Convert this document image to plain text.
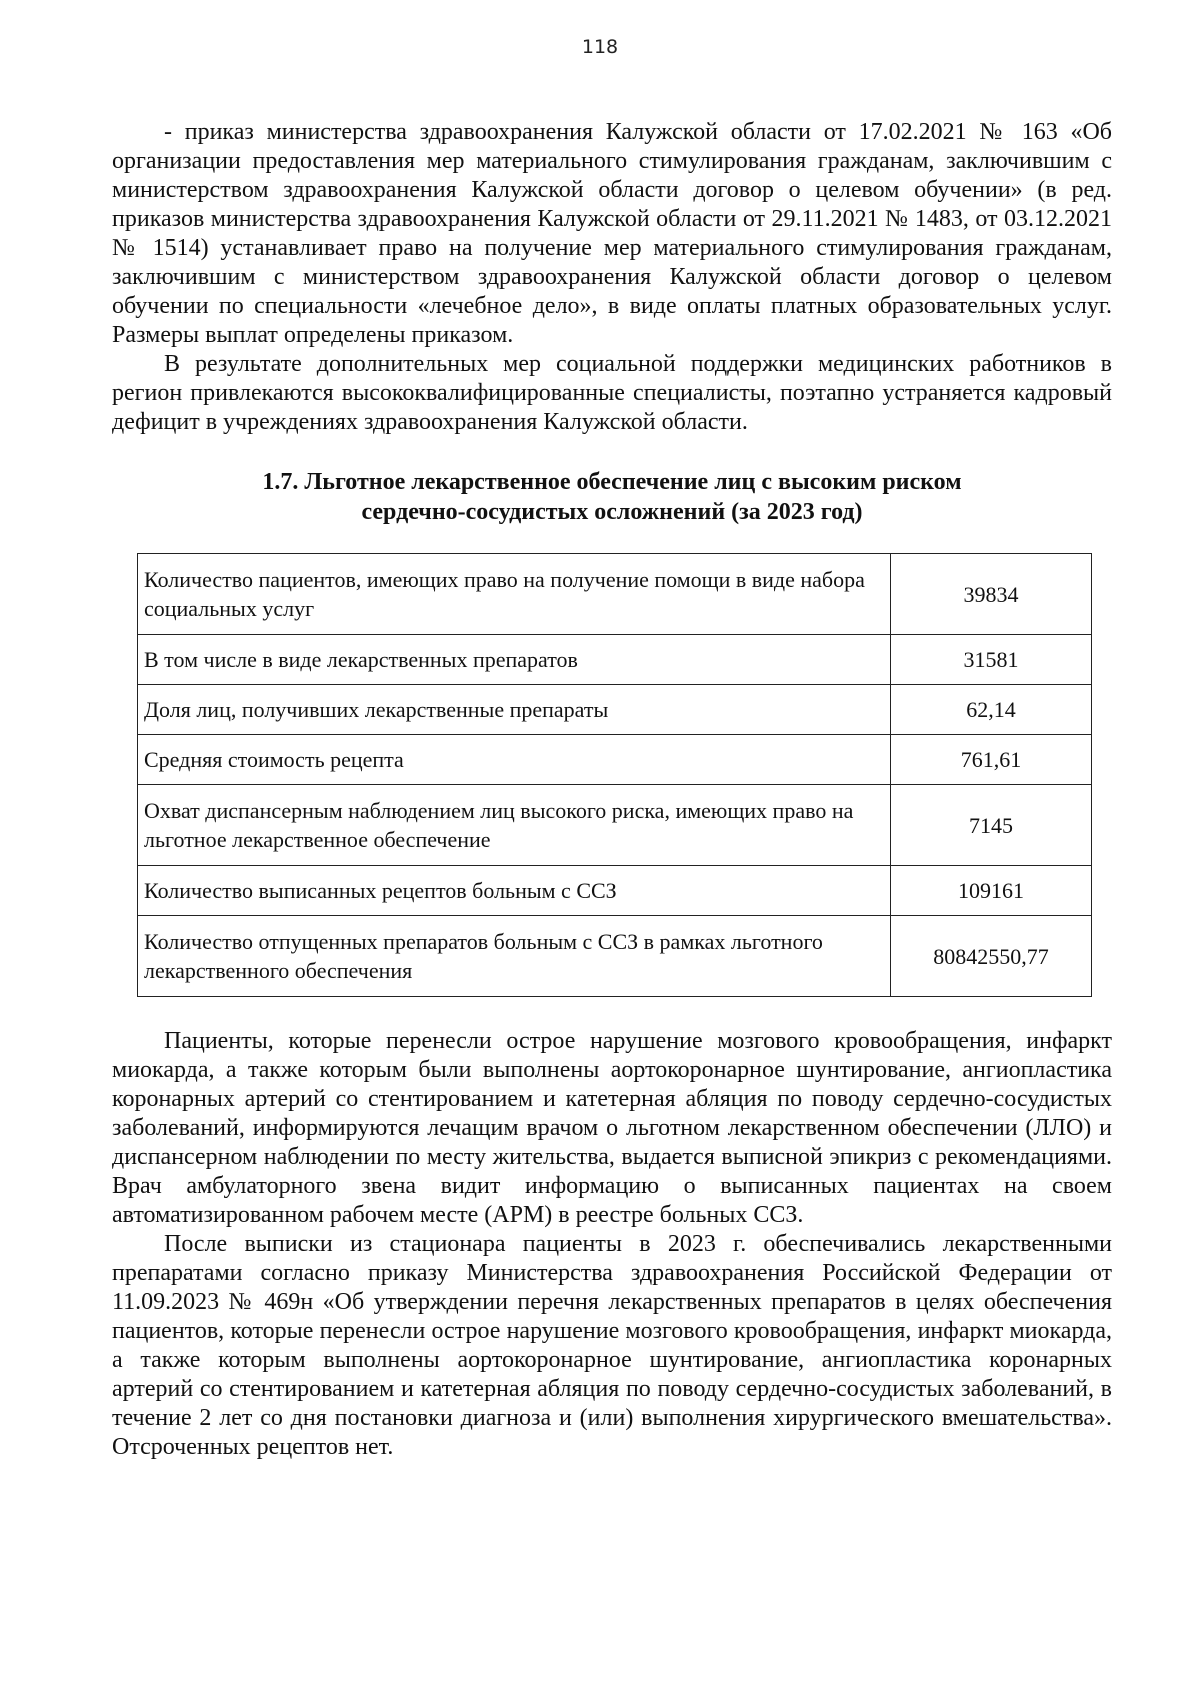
118

- приказ министерства здравоохранения Калужской области от 17.02.2021 № 163 «Об организации предоставления мер материального стимулирования гражданам, заключившим с министерством здравоохранения Калужской области договор о целевом обучении» (в ред. приказов министерства здравоохранения Калужской области от 29.11.2021 № 1483, от 03.12.2021 № 1514) устанавливает право на получение мер материального стимулирования гражданам, заключившим с министерством здравоохранения Калужской области договор о целевом обучении по специальности «лечебное дело», в виде оплаты платных образовательных услуг. Размеры выплат определены приказом.

В результате дополнительных мер социальной поддержки медицинских работников в регион привлекаются высококвалифицированные специалисты, поэтапно устраняется кадровый дефицит в учреждениях здравоохранения Калужской области.

1.7. Льготное лекарственное обеспечение лиц с высоким риском
сердечно-сосудистых осложнений (за 2023 год)
Количество пациентов, имеющих право на получение помощи в виде набора социальных услуг	39834
В том числе в виде лекарственных препаратов	31581
Доля лиц, получивших лекарственные препараты	62,14
Средняя стоимость рецепта	761,61
Охват диспансерным наблюдением лиц высокого риска, имеющих право на льготное лекарственное обеспечение	7145
Количество выписанных рецептов больным с ССЗ	109161
Количество отпущенных препаратов больным с ССЗ в рамках льготного лекарственного обеспечения	80842550,77

Пациенты, которые перенесли острое нарушение мозгового кровообращения, инфаркт миокарда, а также которым были выполнены аортокоронарное шунтирование, ангиопластика коронарных артерий со стентированием и катетерная абляция по поводу сердечно-сосудистых заболеваний, информируются лечащим врачом о льготном лекарственном обеспечении (ЛЛО) и диспансерном наблюдении по месту жительства, выдается выписной эпикриз с рекомендациями. Врач амбулаторного звена видит информацию о выписанных пациентах на своем автоматизированном рабочем месте (АРМ) в реестре больных ССЗ.

После выписки из стационара пациенты в 2023 г. обеспечивались лекарственными препаратами согласно приказу Министерства здравоохранения Российской Федерации от 11.09.2023 № 469н «Об утверждении перечня лекарственных препаратов в целях обеспечения пациентов, которые перенесли острое нарушение мозгового кровообращения, инфаркт миокарда, а также которым выполнены аортокоронарное шунтирование, ангиопластика коронарных артерий со стентированием и катетерная абляция по поводу сердечно-сосудистых заболеваний, в течение 2 лет со дня постановки диагноза и (или) выполнения хирургического вмешательства». Отсроченных рецептов нет.
